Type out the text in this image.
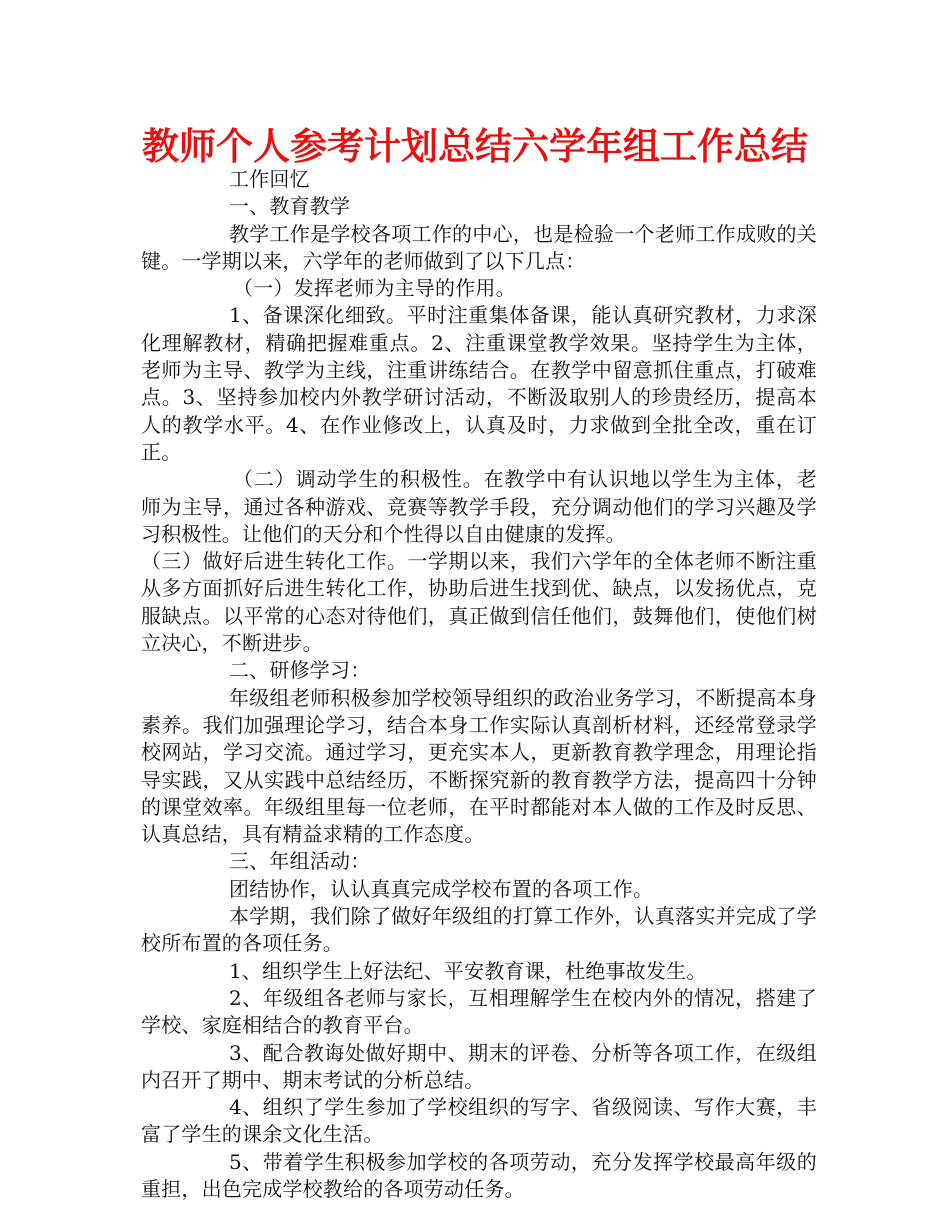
教师个人参考计划总结六学年组工作总结

工作回忆

一、教育教学

教学工作是学校各项工作的中心，也是检验一个老师工作成败的关键。一学期以来，六学年的老师做到了以下几点：

（一）发挥老师为主导的作用。

1、备课深化细致。平时注重集体备课，能认真研究教材，力求深化理解教材，精确把握难重点。2、注重课堂教学效果。坚持学生为主体，老师为主导、教学为主线，注重讲练结合。在教学中留意抓住重点，打破难点。3、坚持参加校内外教学研讨活动，不断汲取别人的珍贵经历，提高本人的教学水平。4、在作业修改上，认真及时，力求做到全批全改，重在订正。

（二）调动学生的积极性。在教学中有认识地以学生为主体，老师为主导，通过各种游戏、竞赛等教学手段，充分调动他们的学习兴趣及学习积极性。让他们的天分和个性得以自由健康的发挥。

（三）做好后进生转化工作。一学期以来，我们六学年的全体老师不断注重从多方面抓好后进生转化工作，协助后进生找到优、缺点，以发扬优点，克服缺点。以平常的心态对待他们，真正做到信任他们，鼓舞他们，使他们树立决心，不断进步。

二、研修学习：

年级组老师积极参加学校领导组织的政治业务学习，不断提高本身素养。我们加强理论学习，结合本身工作实际认真剖析材料，还经常登录学校网站，学习交流。通过学习，更充实本人，更新教育教学理念，用理论指导实践，又从实践中总结经历，不断探究新的教育教学方法，提高四十分钟的课堂效率。年级组里每一位老师，在平时都能对本人做的工作及时反思、认真总结，具有精益求精的工作态度。

三、年组活动：

团结协作，认认真真完成学校布置的各项工作。

本学期，我们除了做好年级组的打算工作外，认真落实并完成了学校所布置的各项任务。

1、组织学生上好法纪、平安教育课，杜绝事故发生。

2、年级组各老师与家长，互相理解学生在校内外的情况，搭建了学校、家庭相结合的教育平台。

3、配合教诲处做好期中、期末的评卷、分析等各项工作，在级组内召开了期中、期末考试的分析总结。

4、组织了学生参加了学校组织的写字、省级阅读、写作大赛，丰富了学生的课余文化生活。

5、带着学生积极参加学校的各项劳动，充分发挥学校最高年级的重担，出色完成学校教给的各项劳动任务。
